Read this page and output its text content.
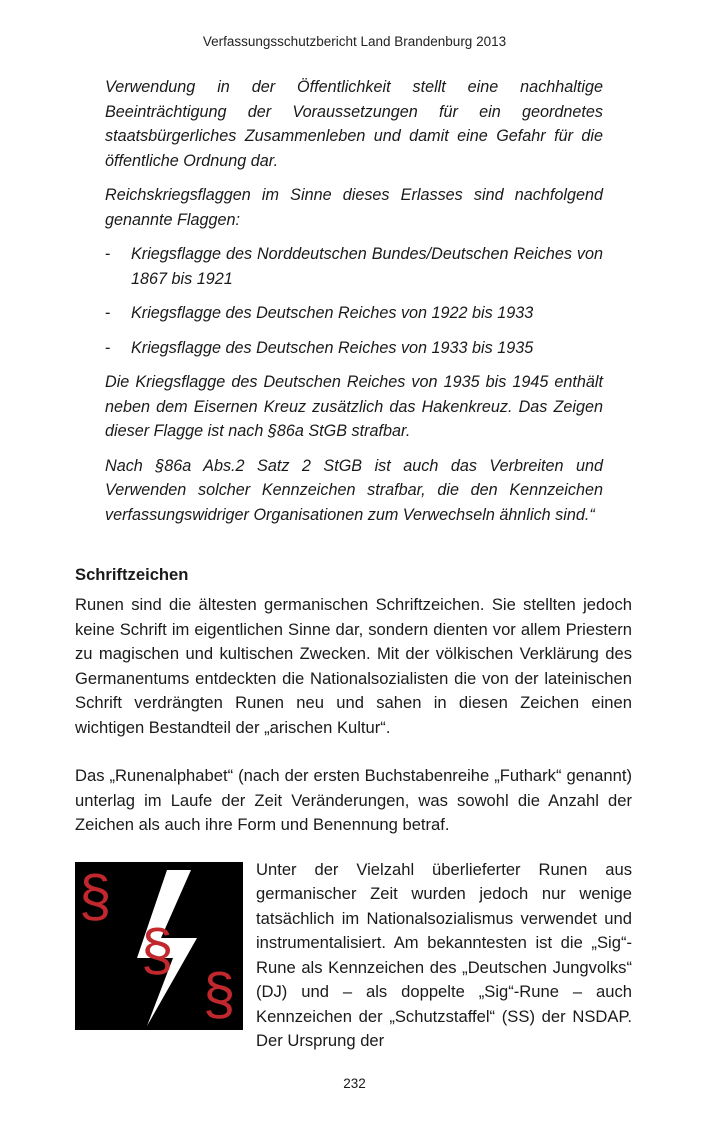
Verfassungsschutzbericht Land Brandenburg 2013

Verwendung in der Öffentlichkeit stellt eine nachhaltige Beeinträchtigung der Voraussetzungen für ein geordnetes staatsbürgerliches Zusammenleben und damit eine Gefahr für die öffentliche Ordnung dar.

Reichskriegsflaggen im Sinne dieses Erlasses sind nachfolgend genannte Flaggen:

- Kriegsflagge des Norddeutschen Bundes/Deutschen Reiches von 1867 bis 1921
- Kriegsflagge des Deutschen Reiches von 1922 bis 1933
- Kriegsflagge des Deutschen Reiches von 1933 bis 1935

Die Kriegsflagge des Deutschen Reiches von 1935 bis 1945 enthält neben dem Eisernen Kreuz zusätzlich das Hakenkreuz. Das Zeigen dieser Flagge ist nach §86a StGB strafbar.

Nach §86a Abs.2 Satz 2 StGB ist auch das Verbreiten und Verwenden solcher Kennzeichen strafbar, die den Kennzeichen verfassungswidriger Organisationen zum Verwechseln ähnlich sind.“

Schriftzeichen

Runen sind die ältesten germanischen Schriftzeichen. Sie stellten jedoch keine Schrift im eigentlichen Sinne dar, sondern dienten vor allem Priestern zu magischen und kultischen Zwecken. Mit der völkischen Verklärung des Germanentums entdeckten die Nationalsozialisten die von der lateinischen Schrift verdrängten Runen neu und sahen in diesen Zeichen einen wichtigen Bestandteil der „arischen Kultur“.

Das „Runenalphabet“ (nach der ersten Buchstabenreihe „Futhark“ genannt) unterlag im Laufe der Zeit Veränderungen, was sowohl die Anzahl der Zeichen als auch ihre Form und Benennung betraf.

§
§
§

Unter der Vielzahl überlieferter Runen aus germanischer Zeit wurden jedoch nur wenige tatsächlich im Nationalsozialismus verwendet und instrumentalisiert. Am bekanntesten ist die „Sig“-Rune als Kennzeichen des „Deutschen Jungvolks“ (DJ) und – als doppelte „Sig“-Rune – auch Kennzeichen der „Schutzstaffel“ (SS) der NSDAP. Der Ursprung der

232
